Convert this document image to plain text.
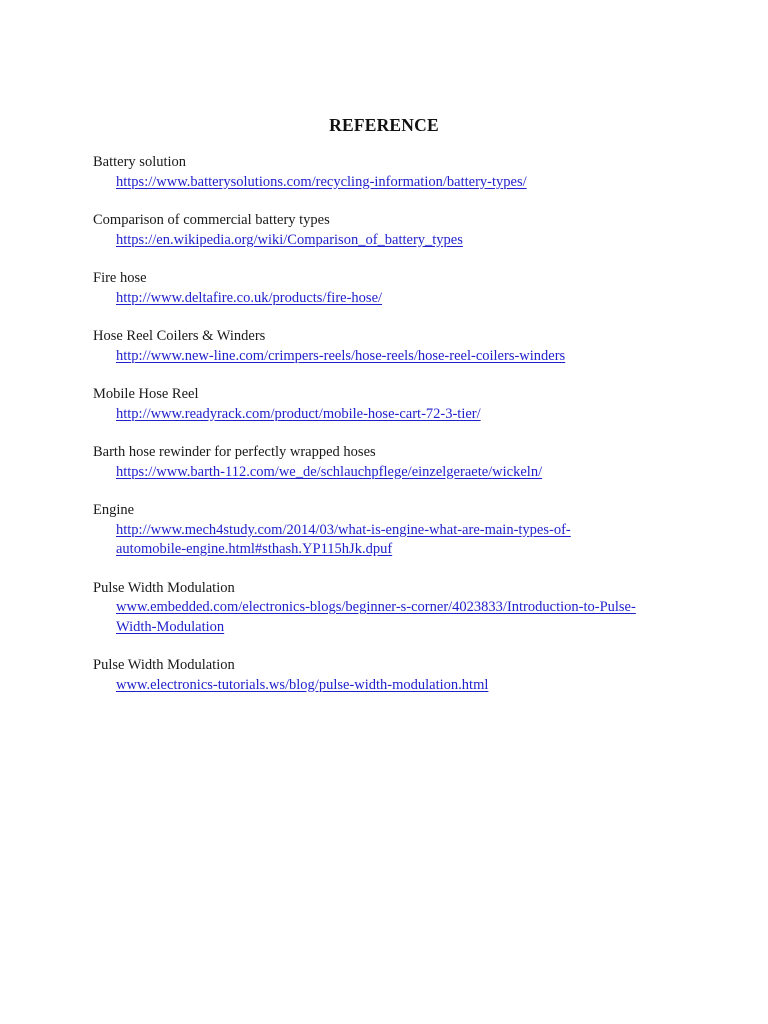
REFERENCE
Battery solution
https://www.batterysolutions.com/recycling-information/battery-types/
Comparison of commercial battery types
https://en.wikipedia.org/wiki/Comparison_of_battery_types
Fire hose
http://www.deltafire.co.uk/products/fire-hose/
Hose Reel Coilers & Winders
http://www.new-line.com/crimpers-reels/hose-reels/hose-reel-coilers-winders
Mobile Hose Reel
http://www.readyrack.com/product/mobile-hose-cart-72-3-tier/
Barth hose rewinder for perfectly wrapped hoses
https://www.barth-112.com/we_de/schlauchpflege/einzelgeraete/wickeln/
Engine
http://www.mech4study.com/2014/03/what-is-engine-what-are-main-types-of-
automobile-engine.html#sthash.YP115hJk.dpuf
Pulse Width Modulation
www.embedded.com/electronics-blogs/beginner-s-corner/4023833/Introduction-to-Pulse-
Width-Modulation
Pulse Width Modulation
www.electronics-tutorials.ws/blog/pulse-width-modulation.html
